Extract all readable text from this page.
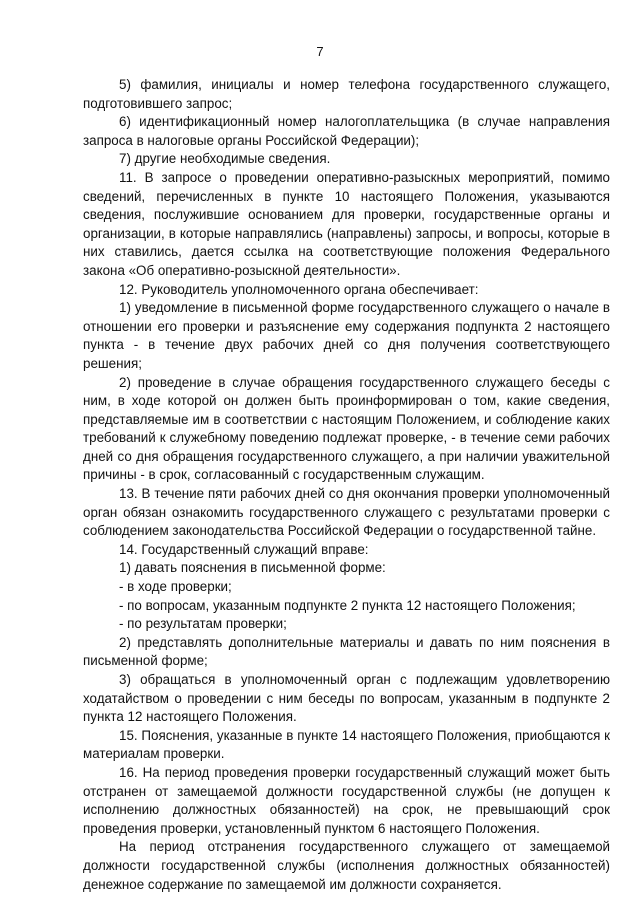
7

5) фамилия, инициалы и номер телефона государственного служащего, подготовившего запрос;

6) идентификационный номер налогоплательщика (в случае направления запроса в налоговые органы Российской Федерации);

7) другие необходимые сведения.

11. В запросе о проведении оперативно-разыскных мероприятий, помимо сведений, перечисленных в пункте 10 настоящего Положения, указываются сведения, послужившие основанием для проверки, государственные органы и организации, в которые направлялись (направлены) запросы, и вопросы, которые в них ставились, дается ссылка на соответствующие положения Федерального закона «Об оперативно-розыскной деятельности».

12. Руководитель уполномоченного органа обеспечивает:

1) уведомление в письменной форме государственного служащего о начале в отношении его проверки и разъяснение ему содержания подпункта 2 настоящего пункта - в течение двух рабочих дней со дня получения соответствующего решения;

2) проведение в случае обращения государственного служащего беседы с ним, в ходе которой он должен быть проинформирован о том, какие сведения, представляемые им в соответствии с настоящим Положением, и соблюдение каких требований к служебному поведению подлежат проверке, - в течение семи рабочих дней со дня обращения государственного служащего, а при наличии уважительной причины - в срок, согласованный с государственным служащим.

13. В течение пяти рабочих дней со дня окончания проверки уполномоченный орган обязан ознакомить государственного служащего с результатами проверки с соблюдением законодательства Российской Федерации о государственной тайне.

14. Государственный служащий вправе:

1) давать пояснения в письменной форме:

- в ходе проверки;

- по вопросам, указанным подпункте 2 пункта 12 настоящего Положения;

- по результатам проверки;

2) представлять дополнительные материалы и давать по ним пояснения в письменной форме;

3) обращаться в уполномоченный орган с подлежащим удовлетворению ходатайством о проведении с ним беседы по вопросам, указанным в подпункте 2 пункта 12 настоящего Положения.

15. Пояснения, указанные в пункте 14 настоящего Положения, приобщаются к материалам проверки.

16. На период проведения проверки государственный служащий может быть отстранен от замещаемой должности государственной службы (не допущен к исполнению должностных обязанностей) на срок, не превышающий срок проведения проверки, установленный пунктом 6 настоящего Положения.

На период отстранения государственного служащего от замещаемой должности государственной службы (исполнения должностных обязанностей) денежное содержание по замещаемой им должности сохраняется.
